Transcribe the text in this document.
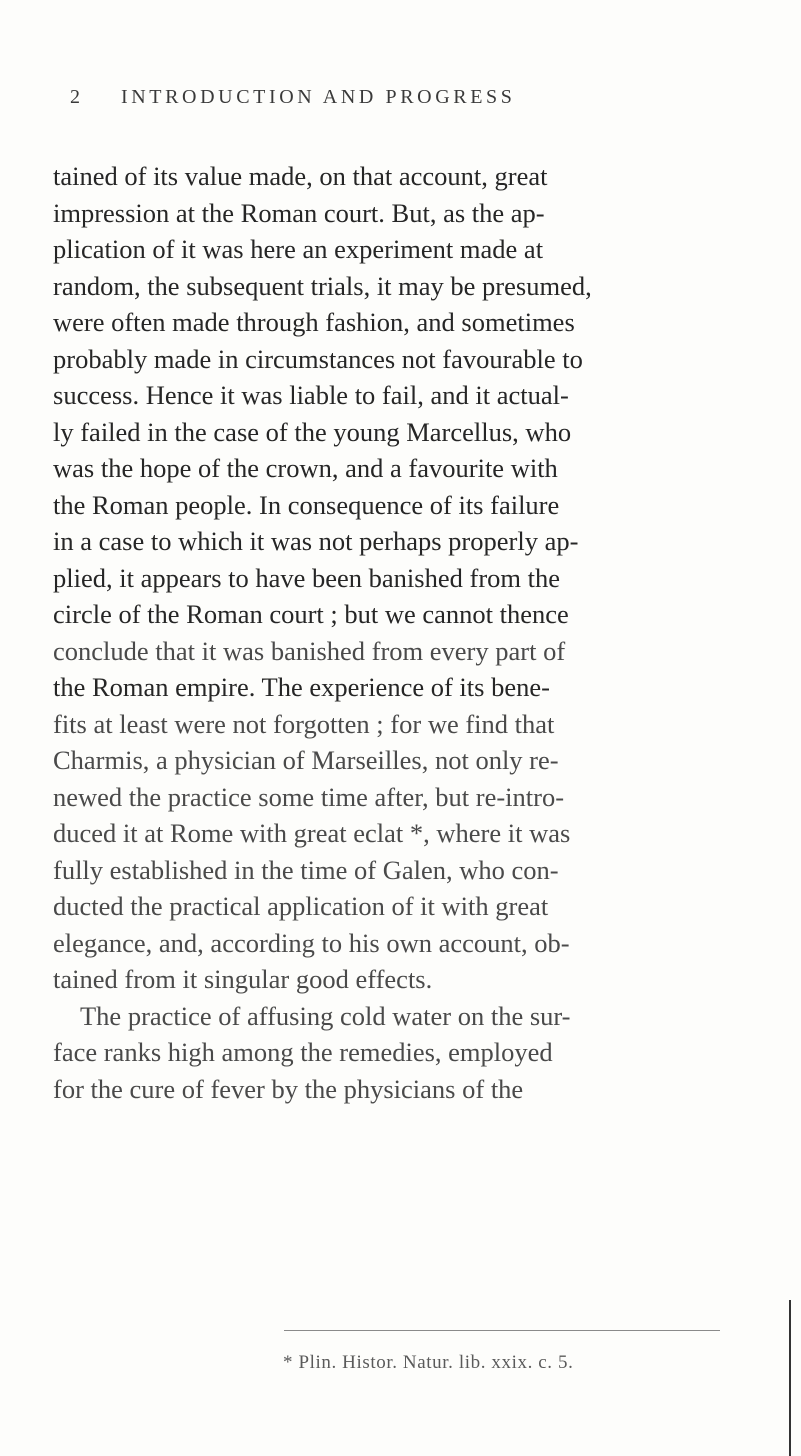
2 INTRODUCTION AND PROGRESS
tained of its value made, on that account, great
impression at the Roman court. But, as the ap-
plication of it was here an experiment made at
random, the subsequent trials, it may be presumed,
were often made through fashion, and sometimes
probably made in circumstances not favourable to
success. Hence it was liable to fail, and it actual-
ly failed in the case of the young Marcellus, who
was the hope of the crown, and a favourite with
the Roman people. In consequence of its failure
in a case to which it was not perhaps properly ap-
plied, it appears to have been banished from the
circle of the Roman court ; but we cannot thence
conclude that it was banished from every part of
the Roman empire. The experience of its bene-
fits at least were not forgotten ; for we find that
Charmis, a physician of Marseilles, not only re-
newed the practice some time after, but re-intro-
duced it at Rome with great eclat *, where it was
fully established in the time of Galen, who con-
ducted the practical application of it with great
elegance, and, according to his own account, ob-
tained from it singular good effects.
The practice of affusing cold water on the sur-
face ranks high among the remedies, employed
for the cure of fever by the physicians of the
* Plin. Histor. Natur. lib. xxix. c. 5.
